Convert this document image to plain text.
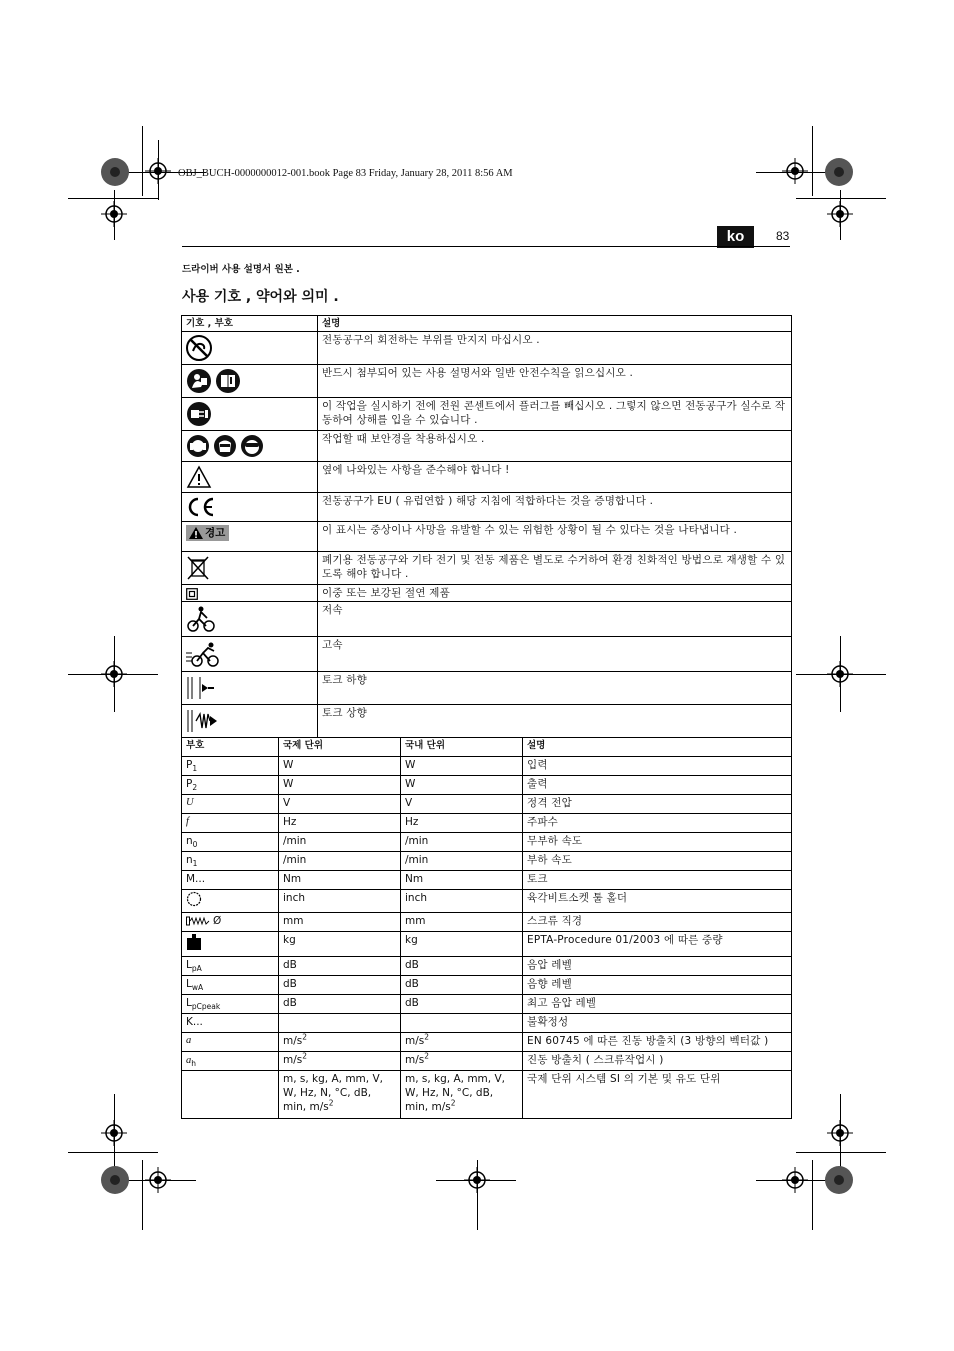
OBJ_BUCH-0000000012-001.book Page 83 Friday, January 28, 2011 8:56 AM
ko	83
드라이버 사용 설명서 원본 .
사용 기호 , 약어와 의미 .
기호 , 부호	설명

	전동공구의 회전하는 부위를 만지지 마십시오 .

	반드시 첨부되어 있는 사용 설명서와 일반 안전수칙을 읽으십시오 .

	이 작업을 실시하기 전에 전원 콘센트에서 플러그를 빼십시오 . 그렇지 않으면 전동공구가 실수로 작동하여 상해를 입을 수 있습니다 .

	작업할 때 보안경을 착용하십시오 .

	옆에 나와있는 사항을 준수해야 합니다 !

	전동공구가 EU ( 유럽연합 ) 해당 지침에 적합하다는 것을 증명합니다 .

경고	이 표시는 중상이나 사망을 유발할 수 있는 위험한 상황이 될 수 있다는 것을 나타냅니다 .

	폐기용 전동공구와 기타 전기 및 전동 제품은 별도로 수거하여 환경 친화적인 방법으로 재생할 수 있도록 해야 합니다 .

	이중 또는 보강된 절연 제품

	저속

	고속

	토크 하향

	토크 상향
부호	국제 단위	국내 단위	설명
$P_1$	W	W	입력
$P_2$	W	W	출력
U	V	V	정격 전압
f	Hz	Hz	주파수
$n_0$	/min	/min	무부하 속도
$n_1$	/min	/min	부하 속도
M...	Nm	Nm	토크

	inch	inch	육각비트소켓 툴 홀더

Ø	mm	mm	스크류 직경

	kg	kg	EPTA-Procedure 01/2003 에 따른 중량
$L_{pA}$	dB	dB	음압 레벨
$L_{wA}$	dB	dB	음향 레벨
$L_{pCpeak}$	dB	dB	최고 음압 레벨
K...			불확정성
a	$m/s^2$	$m/s^2$	EN 60745 에 따른 진동 방출치 (3 방향의 벡터값 )
$a_h$	$m/s^2$	$m/s^2$	진동 방출치 ( 스크류작업시 )
	m, s, kg, A, mm, V, W, Hz, N, °C, dB, min, $m/s^2$	m, s, kg, A, mm, V, W, Hz, N, °C, dB, min, $m/s^2$	국제 단위 시스템 SI 의 기본 및 유도 단위
